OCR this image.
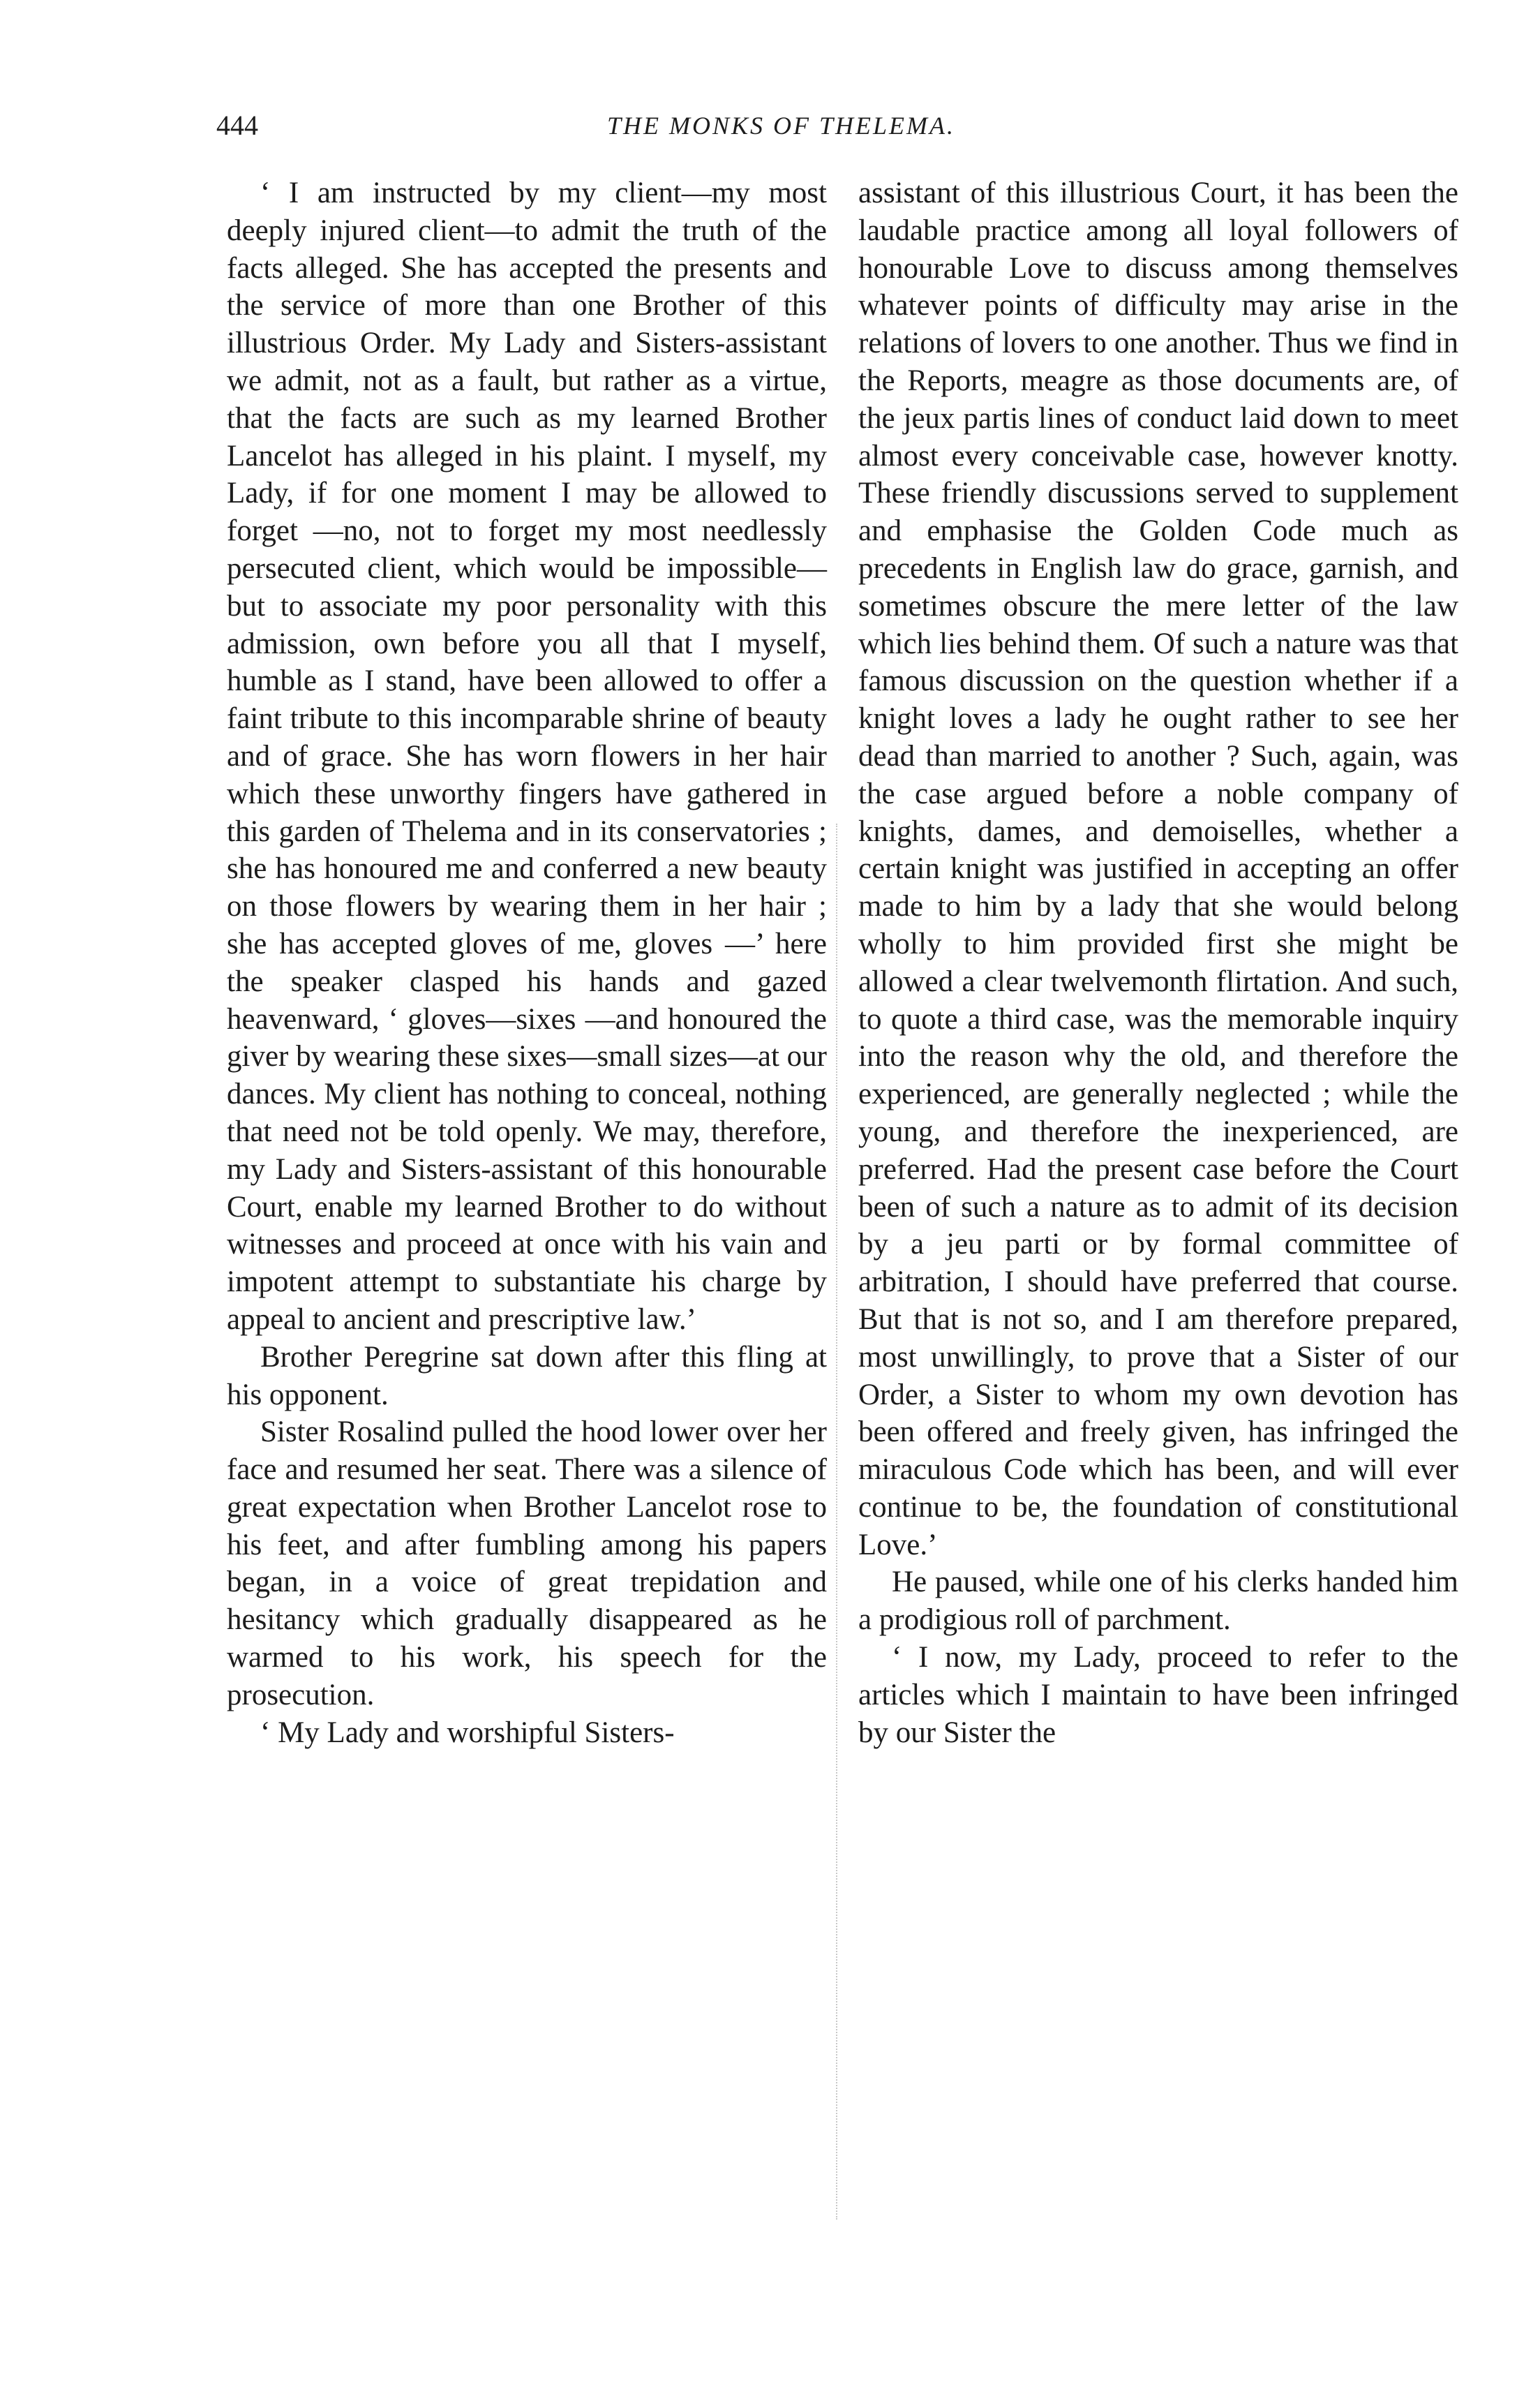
444	THE MONKS OF THELEMA.

‘ I am instructed by my client—my most deeply injured client—to admit the truth of the facts alleged. She has accepted the presents and the service of more than one Brother of this illustrious Order. My Lady and Sisters-assistant we admit, not as a fault, but rather as a virtue, that the facts are such as my learned Brother Lancelot has alleged in his plaint. I myself, my Lady, if for one moment I may be allowed to forget —no, not to forget my most needlessly persecuted client, which would be impossible—but to associate my poor personality with this admission, own before you all that I myself, humble as I stand, have been allowed to offer a faint tribute to this incomparable shrine of beauty and of grace. She has worn flowers in her hair which these unworthy fingers have gathered in this garden of Thelema and in its conservatories ; she has honoured me and conferred a new beauty on those flowers by wearing them in her hair ; she has accepted gloves of me, gloves —’ here the speaker clasped his hands and gazed heavenward, ‘ gloves—sixes —and honoured the giver by wearing these sixes—small sizes—at our dances. My client has nothing to conceal, nothing that need not be told openly. We may, therefore, my Lady and Sisters-assistant of this honourable Court, enable my learned Brother to do without witnesses and proceed at once with his vain and impotent attempt to substantiate his charge by appeal to ancient and prescriptive law.’

Brother Peregrine sat down after this fling at his opponent.

Sister Rosalind pulled the hood lower over her face and resumed her seat. There was a silence of great expectation when Brother Lancelot rose to his feet, and after fumbling among his papers began, in a voice of great trepidation and hesitancy which gradually disappeared as he warmed to his work, his speech for the prosecution.

‘ My Lady and worshipful Sisters-

assistant of this illustrious Court, it has been the laudable practice among all loyal followers of honourable Love to discuss among themselves whatever points of difficulty may arise in the relations of lovers to one another. Thus we find in the Reports, meagre as those documents are, of the jeux partis lines of conduct laid down to meet almost every conceivable case, however knotty. These friendly discussions served to supplement and emphasise the Golden Code much as precedents in English law do grace, garnish, and sometimes obscure the mere letter of the law which lies behind them. Of such a nature was that famous discussion on the question whether if a knight loves a lady he ought rather to see her dead than married to another ? Such, again, was the case argued before a noble company of knights, dames, and demoiselles, whether a certain knight was justified in accepting an offer made to him by a lady that she would belong wholly to him provided first she might be allowed a clear twelvemonth flirtation. And such, to quote a third case, was the memorable inquiry into the reason why the old, and therefore the experienced, are generally neglected ; while the young, and therefore the inexperienced, are preferred. Had the present case before the Court been of such a nature as to admit of its decision by a jeu parti or by formal committee of arbitration, I should have preferred that course. But that is not so, and I am therefore prepared, most unwillingly, to prove that a Sister of our Order, a Sister to whom my own devotion has been offered and freely given, has infringed the miraculous Code which has been, and will ever continue to be, the foundation of constitutional Love.’

He paused, while one of his clerks handed him a prodigious roll of parchment.

‘ I now, my Lady, proceed to refer to the articles which I maintain to have been infringed by our Sister the
